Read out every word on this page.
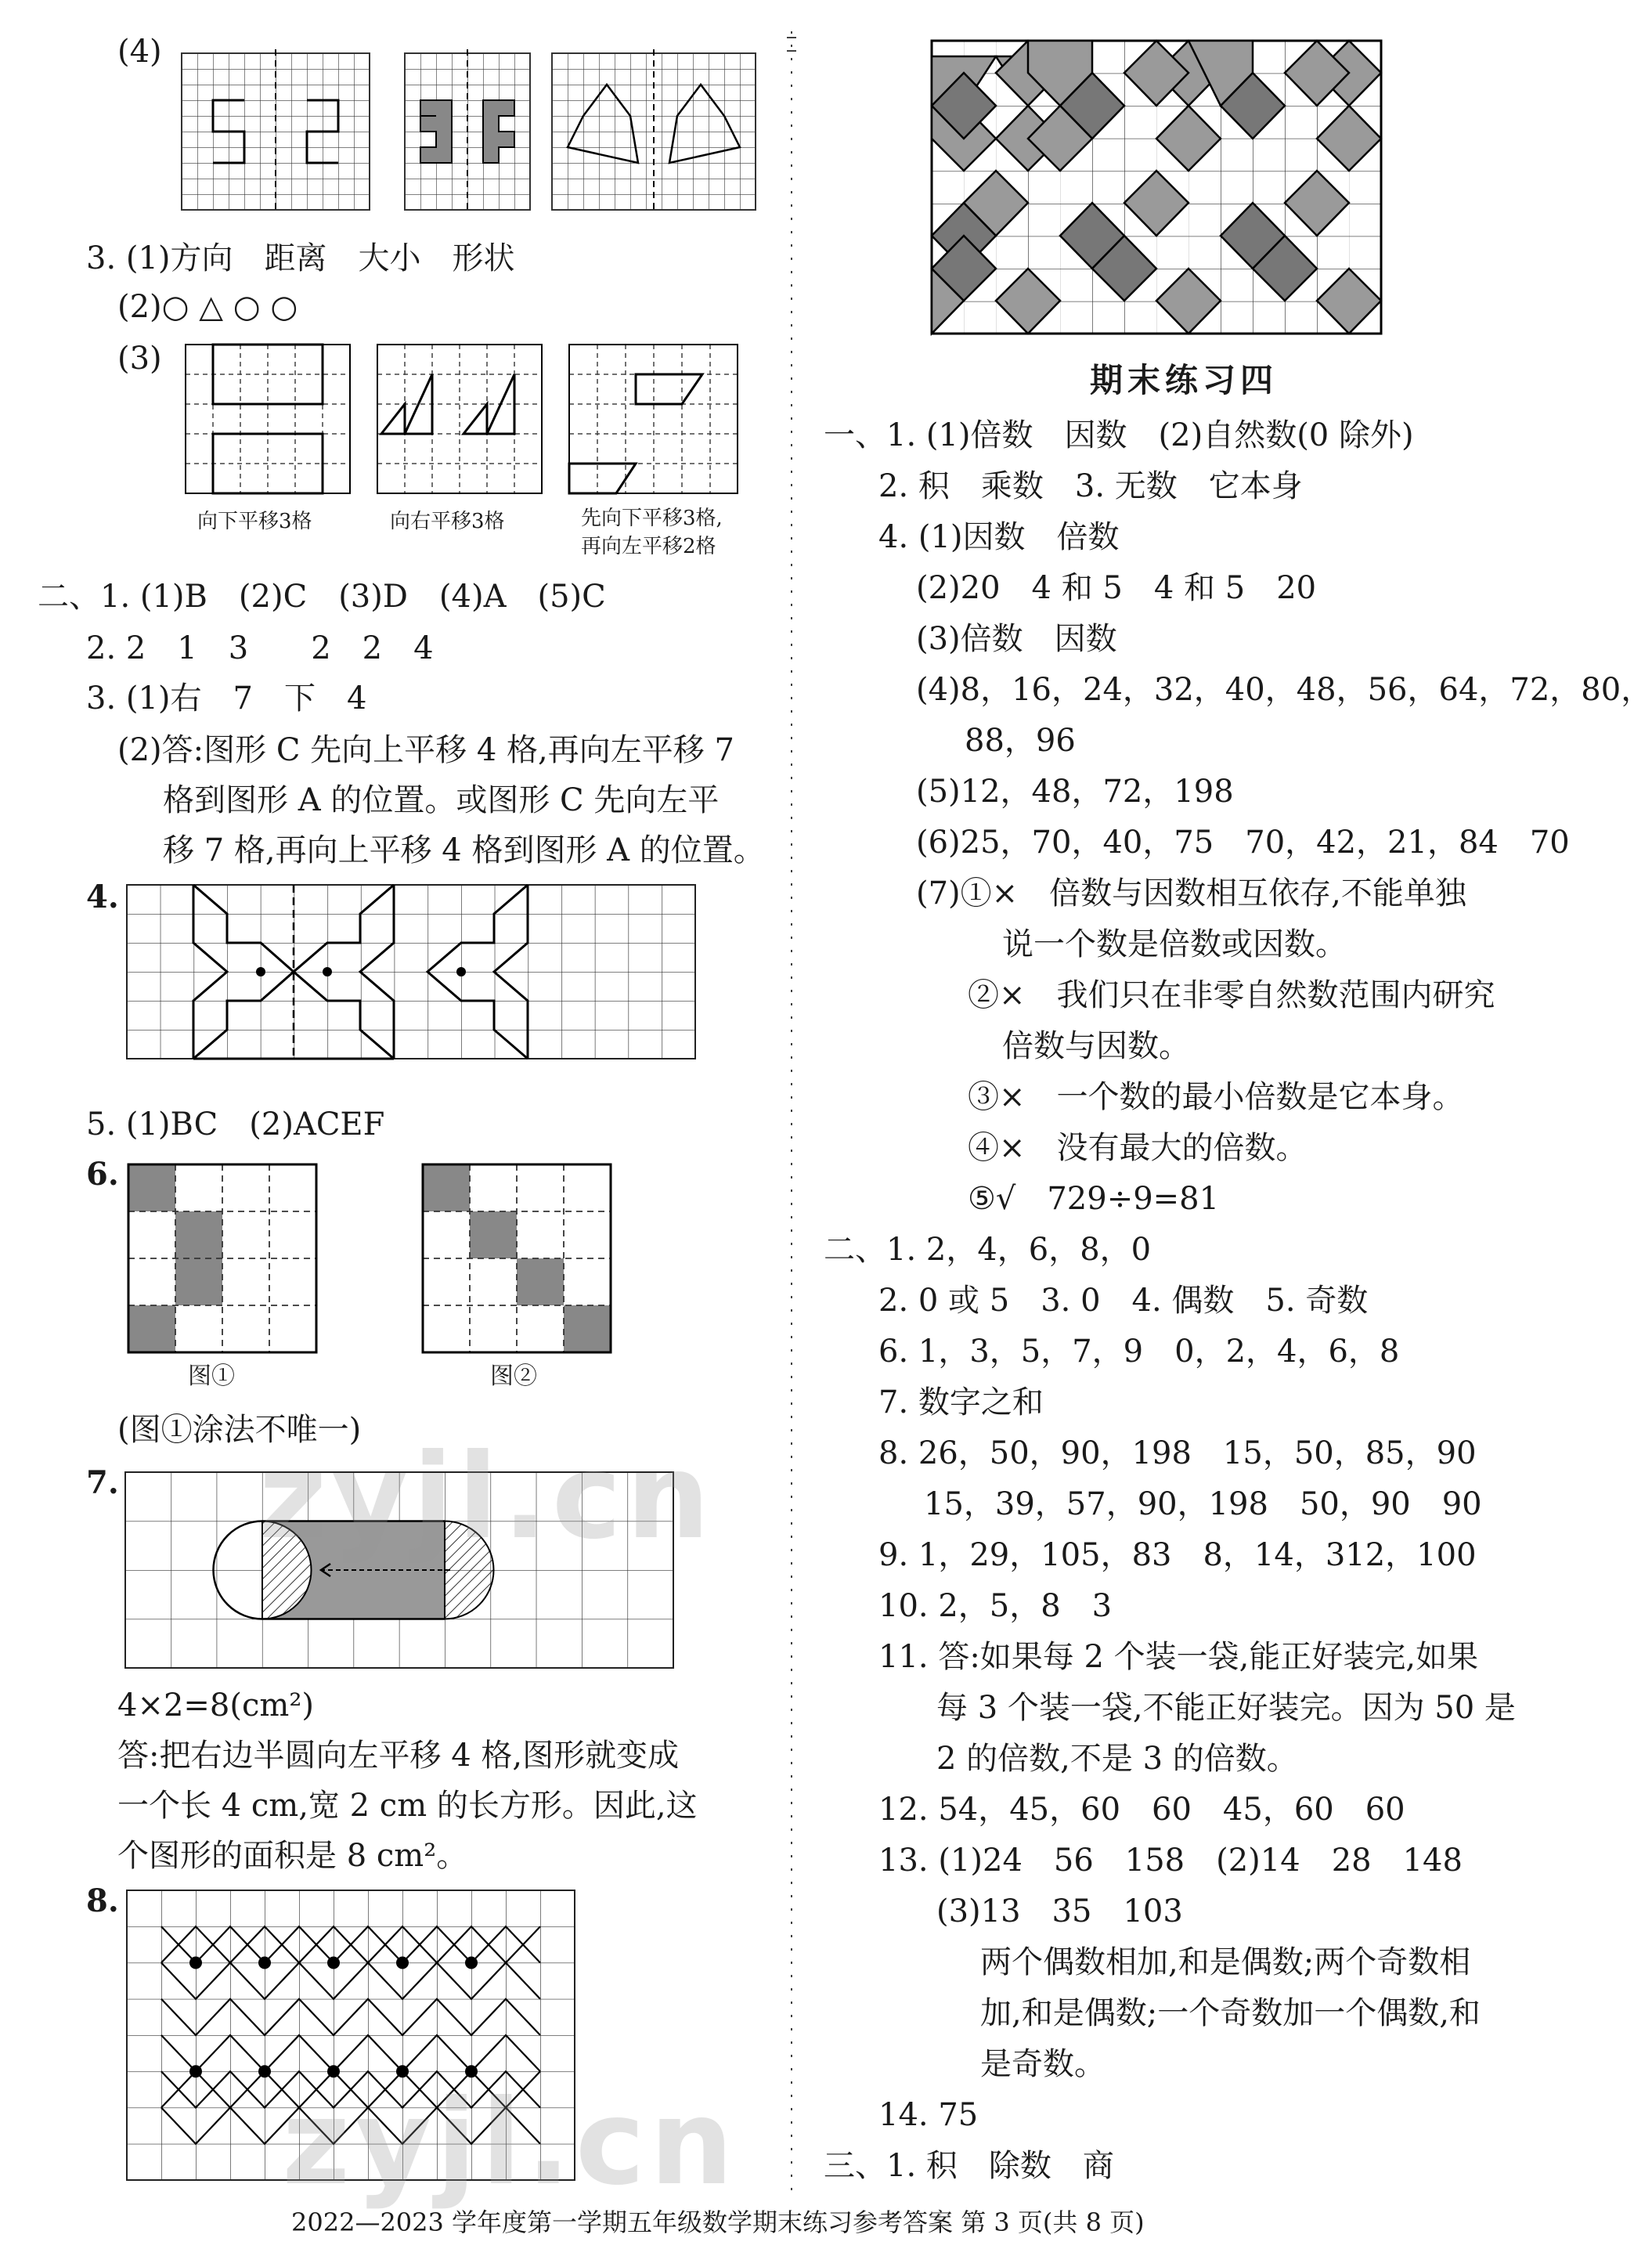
(4)
3. (1)方向　距离　大小　形状
(2)○ △ ○ ○
(3)
向下平移3格	向右平移3格	先向下平移3格,
再向左平移2格
二、1. (1)B　(2)C　(3)D　(4)A　(5)C
2. 2　1　3　　2　2　4
3. (1)右　7　下　4
(2)答:图形 C 先向上平移 4 格,再向左平移 7
格到图形 A 的位置。或图形 C 先向左平
移 7 格,再向上平移 4 格到图形 A 的位置。
4.
5. (1)BC　(2)ACEF
6.
图①	图②
(图①涂法不唯一)
7.
4×2=8(cm²)
答:把右边半圆向左平移 4 格,图形就变成
一个长 4 cm,宽 2 cm 的长方形。因此,这
个图形的面积是 8 cm²。
8.
期末练习四
一、1. (1)倍数　因数　(2)自然数(0 除外)
2. 积　乘数　3. 无数　它本身
4. (1)因数　倍数
(2)20　4 和 5　4 和 5　20
(3)倍数　因数
(4)8，16，24，32，40，48，56，64，72，80，
88，96
(5)12，48，72，198
(6)25，70，40，75　70，42，21，84　70
(7)①×　倍数与因数相互依存,不能单独
说一个数是倍数或因数。
②×　我们只在非零自然数范围内研究
倍数与因数。
③×　一个数的最小倍数是它本身。
④×　没有最大的倍数。
⑤√　729÷9=81
二、1. 2，4，6，8，0
2. 0 或 5　3. 0　4. 偶数　5. 奇数
6. 1，3，5，7，9　0，2，4，6，8
7. 数字之和
8. 26，50，90，198　15，50，85，90
15，39，57，90，198　50，90　90
9. 1，29，105，83　8，14，312，100
10. 2，5，8　3
11. 答:如果每 2 个装一袋,能正好装完,如果
每 3 个装一袋,不能正好装完。因为 50 是
2 的倍数,不是 3 的倍数。
12. 54，45，60　60　45，60　60
13. (1)24　56　158　(2)14　28　148
(3)13　35　103
两个偶数相加,和是偶数;两个奇数相
加,和是偶数;一个奇数加一个偶数,和
是奇数。
14. 75
三、1. 积　除数　商
zyjl.cn
zyjl.cn
2022—2023 学年度第一学期五年级数学期末练习参考答案 第 3 页(共 8 页)
